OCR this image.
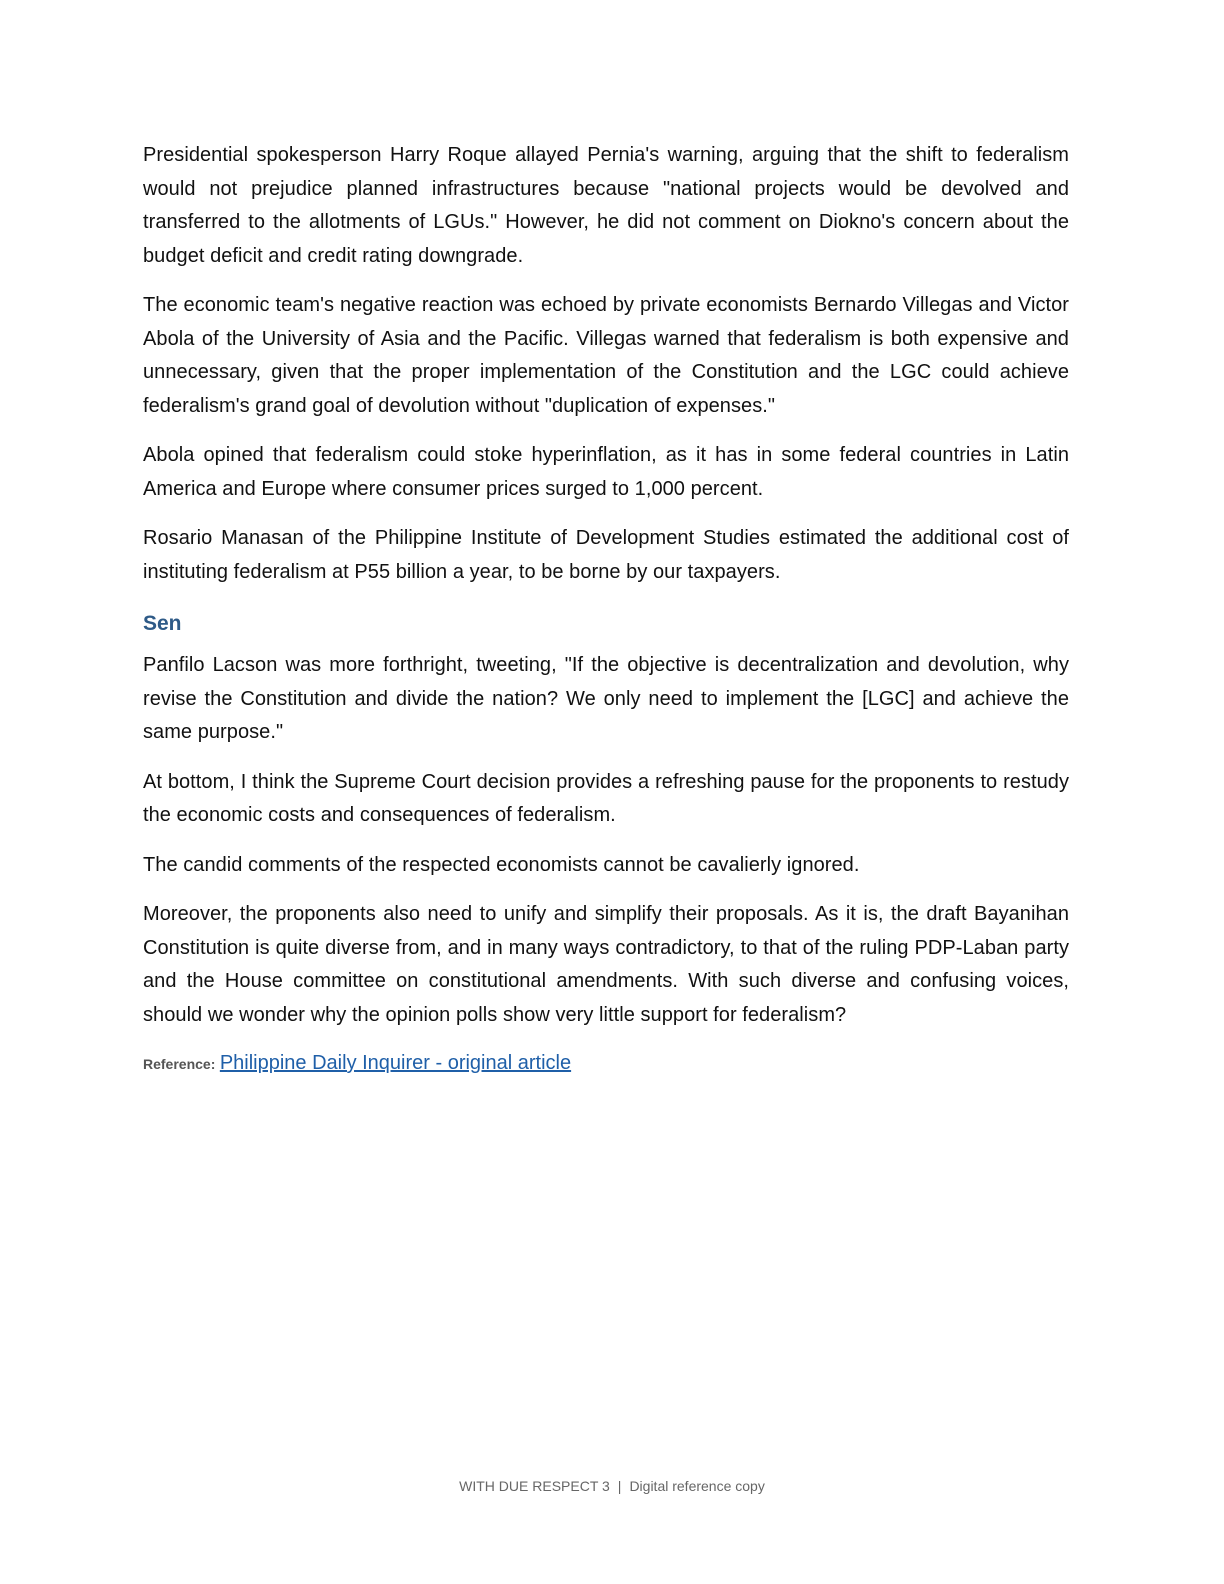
Presidential spokesperson Harry Roque allayed Pernia's warning, arguing that the shift to federalism would not prejudice planned infrastructures because "national projects would be devolved and transferred to the allotments of LGUs." However, he did not comment on Diokno's concern about the budget deficit and credit rating downgrade.

The economic team's negative reaction was echoed by private economists Bernardo Villegas and Victor Abola of the University of Asia and the Pacific. Villegas warned that federalism is both expensive and unnecessary, given that the proper implementation of the Constitution and the LGC could achieve federalism's grand goal of devolution without "duplication of expenses."

Abola opined that federalism could stoke hyperinflation, as it has in some federal countries in Latin America and Europe where consumer prices surged to 1,000 percent.

Rosario Manasan of the Philippine Institute of Development Studies estimated the additional cost of instituting federalism at P55 billion a year, to be borne by our taxpayers.

Sen

Panfilo Lacson was more forthright, tweeting, "If the objective is decentralization and devolution, why revise the Constitution and divide the nation? We only need to implement the [LGC] and achieve the same purpose."

At bottom, I think the Supreme Court decision provides a refreshing pause for the proponents to restudy the economic costs and consequences of federalism.

The candid comments of the respected economists cannot be cavalierly ignored.

Moreover, the proponents also need to unify and simplify their proposals. As it is, the draft Bayanihan Constitution is quite diverse from, and in many ways contradictory, to that of the ruling PDP-Laban party and the House committee on constitutional amendments. With such diverse and confusing voices, should we wonder why the opinion polls show very little support for federalism?

Reference: Philippine Daily Inquirer - original article
WITH DUE RESPECT 3 | Digital reference copy
